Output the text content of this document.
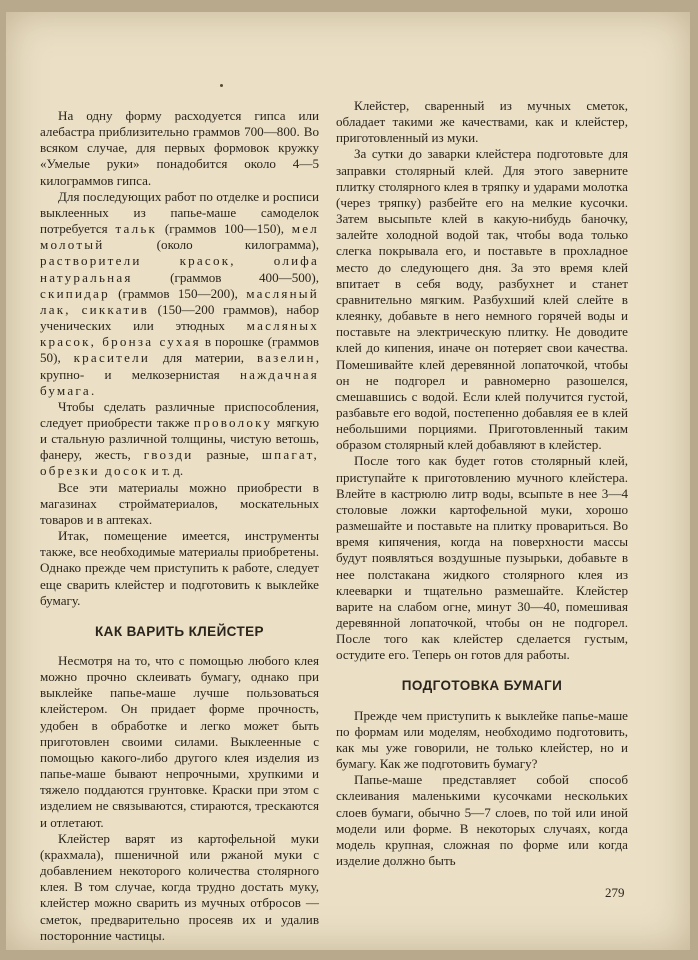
На одну форму расходуется гипса или алебастра приблизительно граммов 700—800. Во всяком случае, для первых формовок кружку «Умелые руки» понадобится около 4—5 килограммов гипса.

Для последующих работ по отделке и росписи выклеенных из папье-маше самоделок потребуется тальк (граммов 100—150), мел молотый (около килограмма), растворители красок, олифа натуральная (граммов 400—500), скипидар (граммов 150—200), масляный лак, сиккатив (150—200 граммов), набор ученических или этюдных масляных красок, бронза сухая в порошке (граммов 50), красители для материи, вазелин, крупно- и мелкозернистая наждачная бумага.

Чтобы сделать различные приспособления, следует приобрести также проволоку мягкую и стальную различной толщины, чистую ветошь, фанеру, жесть, гвозди разные, шпагат, обрезки досок и т. д.

Все эти материалы можно приобрести в магазинах стройматериалов, москательных товаров и в аптеках.

Итак, помещение имеется, инструменты также, все необходимые материалы приобретены. Однако прежде чем приступить к работе, следует еще сварить клейстер и подготовить к выклейке бумагу.

КАК ВАРИТЬ КЛЕЙСТЕР

Несмотря на то, что с помощью любого клея можно прочно склеивать бумагу, однако при выклейке папье-маше лучше пользоваться клейстером. Он придает форме прочность, удобен в обработке и легко может быть приготовлен своими силами. Выклеенные с помощью какого-либо другого клея изделия из папье-маше бывают непрочными, хрупкими и тяжело поддаются грунтовке. Краски при этом с изделием не связываются, стираются, трескаются и отлетают.

Клейстер варят из картофельной муки (крахмала), пшеничной или ржаной муки с добавлением некоторого количества столярного клея. В том случае, когда трудно достать муку, клейстер можно сварить из мучных отбросов — сметок, предварительно просеяв их и удалив посторонние частицы.

Клейстер, сваренный из мучных сметок, обладает такими же качествами, как и клейстер, приготовленный из муки.

За сутки до заварки клейстера подготовьте для заправки столярный клей. Для этого заверните плитку столярного клея в тряпку и ударами молотка (через тряпку) разбейте его на мелкие кусочки. Затем высыпьте клей в какую-нибудь баночку, залейте холодной водой так, чтобы вода только слегка покрывала его, и поставьте в прохладное место до следующего дня. За это время клей впитает в себя воду, разбухнет и станет сравнительно мягким. Разбухший клей слейте в клеянку, добавьте в него немного горячей воды и поставьте на электрическую плитку. Не доводите клей до кипения, иначе он потеряет свои качества. Помешивайте клей деревянной лопаточкой, чтобы он не подгорел и равномерно разошелся, смешавшись с водой. Если клей получится густой, разбавьте его водой, постепенно добавляя ее в клей небольшими порциями. Приготовленный таким образом столярный клей добавляют в клейстер.

После того как будет готов столярный клей, приступайте к приготовлению мучного клейстера. Влейте в кастрюлю литр воды, всыпьте в нее 3—4 столовые ложки картофельной муки, хорошо размешайте и поставьте на плитку провариться. Во время кипячения, когда на поверхности массы будут появляться воздушные пузырьки, добавьте в нее полстакана жидкого столярного клея из клееварки и тщательно размешайте. Клейстер варите на слабом огне, минут 30—40, помешивая деревянной лопаточкой, чтобы он не подгорел. После того как клейстер сделается густым, остудите его. Теперь он готов для работы.

ПОДГОТОВКА БУМАГИ

Прежде чем приступить к выклейке папье-маше по формам или моделям, необходимо подготовить, как мы уже говорили, не только клейстер, но и бумагу. Как же подготовить бумагу?

Папье-маше представляет собой способ склеивания маленькими кусочками нескольких слоев бумаги, обычно 5—7 слоев, по той или иной модели или форме. В некоторых случаях, когда модель крупная, сложная по форме или когда изделие должно быть

279
